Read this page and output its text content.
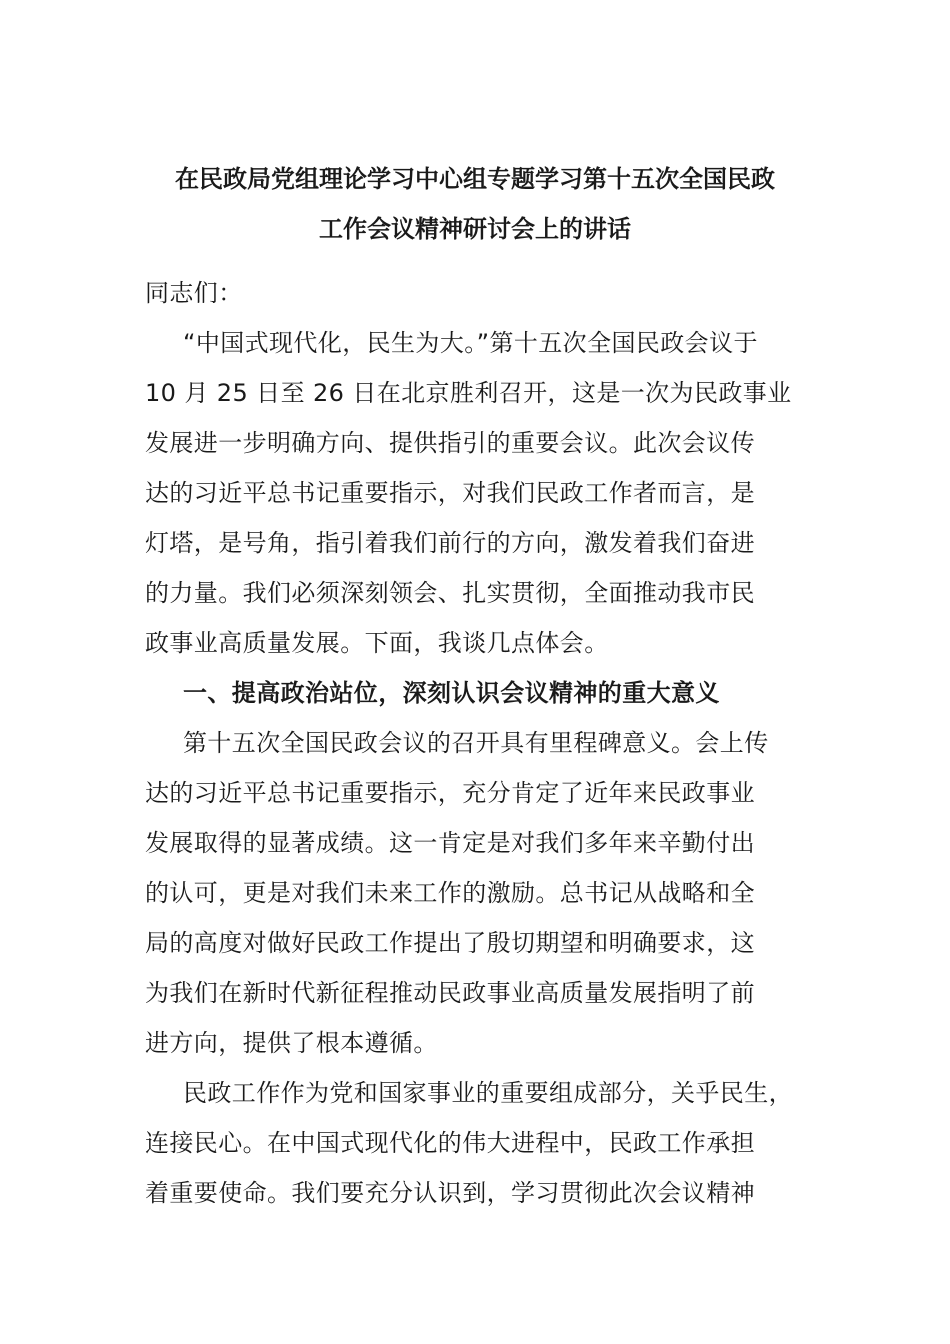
在民政局党组理论学习中心组专题学习第十五次全国民政
工作会议精神研讨会上的讲话
同志们：
“中国式现代化，民生为大。”第十五次全国民政会议于
10 月 25 日至 26 日在北京胜利召开，这是一次为民政事业
发展进一步明确方向、提供指引的重要会议。此次会议传
达的习近平总书记重要指示，对我们民政工作者而言，是
灯塔，是号角，指引着我们前行的方向，激发着我们奋进
的力量。我们必须深刻领会、扎实贯彻，全面推动我市民
政事业高质量发展。下面，我谈几点体会。
一、提高政治站位，深刻认识会议精神的重大意义
第十五次全国民政会议的召开具有里程碑意义。会上传
达的习近平总书记重要指示，充分肯定了近年来民政事业
发展取得的显著成绩。这一肯定是对我们多年来辛勤付出
的认可，更是对我们未来工作的激励。总书记从战略和全
局的高度对做好民政工作提出了殷切期望和明确要求，这
为我们在新时代新征程推动民政事业高质量发展指明了前
进方向，提供了根本遵循。
民政工作作为党和国家事业的重要组成部分，关乎民生，
连接民心。在中国式现代化的伟大进程中，民政工作承担
着重要使命。我们要充分认识到，学习贯彻此次会议精神
